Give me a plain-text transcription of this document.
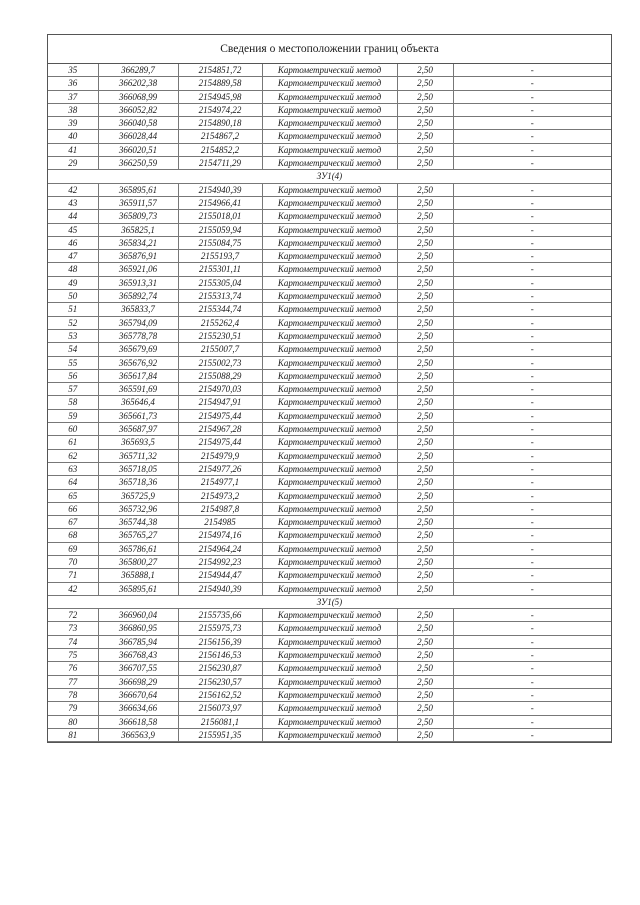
Сведения о местоположении границ объекта
35	366289,7	2154851,72	Картометрический метод	2,50	-
36	366202,38	2154889,58	Картометрический метод	2,50	-
37	366068,99	2154945,98	Картометрический метод	2,50	-
38	366052,82	2154974,22	Картометрический метод	2,50	-
39	366040,58	2154890,18	Картометрический метод	2,50	-
40	366028,44	2154867,2	Картометрический метод	2,50	-
41	366020,51	2154852,2	Картометрический метод	2,50	-
29	366250,59	2154711,29	Картометрический метод	2,50	-
ЗУ1(4)					
42	365895,61	2154940,39	Картометрический метод	2,50	-
43	365911,57	2154966,41	Картометрический метод	2,50	-
44	365809,73	2155018,01	Картометрический метод	2,50	-
45	365825,1	2155059,94	Картометрический метод	2,50	-
46	365834,21	2155084,75	Картометрический метод	2,50	-
47	365876,91	2155193,7	Картометрический метод	2,50	-
48	365921,06	2155301,11	Картометрический метод	2,50	-
49	365913,31	2155305,04	Картометрический метод	2,50	-
50	365892,74	2155313,74	Картометрический метод	2,50	-
51	365833,7	2155344,74	Картометрический метод	2,50	-
52	365794,09	2155262,4	Картометрический метод	2,50	-
53	365778,78	2155230,51	Картометрический метод	2,50	-
54	365679,69	2155007,7	Картометрический метод	2,50	-
55	365676,92	2155002,73	Картометрический метод	2,50	-
56	365617,84	2155088,29	Картометрический метод	2,50	-
57	365591,69	2154970,03	Картометрический метод	2,50	-
58	365646,4	2154947,91	Картометрический метод	2,50	-
59	365661,73	2154975,44	Картометрический метод	2,50	-
60	365687,97	2154967,28	Картометрический метод	2,50	-
61	365693,5	2154975,44	Картометрический метод	2,50	-
62	365711,32	2154979,9	Картометрический метод	2,50	-
63	365718,05	2154977,26	Картометрический метод	2,50	-
64	365718,36	2154977,1	Картометрический метод	2,50	-
65	365725,9	2154973,2	Картометрический метод	2,50	-
66	365732,96	2154987,8	Картометрический метод	2,50	-
67	365744,38	2154985	Картометрический метод	2,50	-
68	365765,27	2154974,16	Картометрический метод	2,50	-
69	365786,61	2154964,24	Картометрический метод	2,50	-
70	365800,27	2154992,23	Картометрический метод	2,50	-
71	365888,1	2154944,47	Картометрический метод	2,50	-
42	365895,61	2154940,39	Картометрический метод	2,50	-
ЗУ1(5)					
72	366960,04	2155735,66	Картометрический метод	2,50	-
73	366860,95	2155975,73	Картометрический метод	2,50	-
74	366785,94	2156156,39	Картометрический метод	2,50	-
75	366768,43	2156146,53	Картометрический метод	2,50	-
76	366707,55	2156230,87	Картометрический метод	2,50	-
77	366698,29	2156230,57	Картометрический метод	2,50	-
78	366670,64	2156162,52	Картометрический метод	2,50	-
79	366634,66	2156073,97	Картометрический метод	2,50	-
80	366618,58	2156081,1	Картометрический метод	2,50	-
81	366563,9	2155951,35	Картометрический метод	2,50	-
